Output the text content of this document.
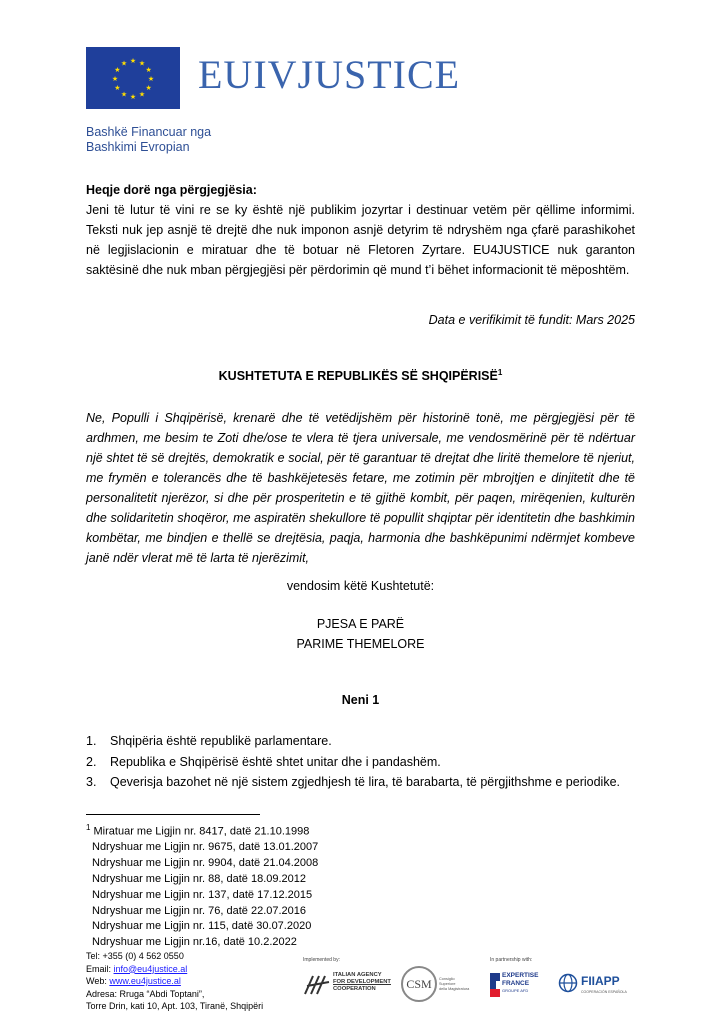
★ ★
★
★
★
★
★
★
★
★
★
★ EUIVJUSTICE
Bashkë Financuar nga
Bashkimi Evropian
Heqje dorë nga përgjegjësia:
Jeni të lutur të vini re se ky është një publikim jozyrtar i destinuar vetëm për qëllime informimi. Teksti nuk jep asnjë të drejtë dhe nuk imponon asnjë detyrim të ndryshëm nga çfarë parashikohet në legjislacionin e miratuar dhe të botuar në Fletoren Zyrtare. EU4JUSTICE nuk garanton saktësinë dhe nuk mban përgjegjësi për përdorimin që mund t’i bëhet informacionit të mëposhtëm.
Data e verifikimit të fundit: Mars 2025
KUSHTETUTA E REPUBLIKËS SË SHQIPËRISË$^1$
Ne, Populli i Shqipërisë, krenarë dhe të vetëdijshëm për historinë tonë, me përgjegjësi për të ardhmen, me besim te Zoti dhe/ose te vlera të tjera universale, me vendosmërinë për të ndërtuar një shtet të së drejtës, demokratik e social, për të garantuar të drejtat dhe liritë themelore të njeriut, me frymën e tolerancës dhe të bashkëjetesës fetare, me zotimin për mbrojtjen e dinjitetit dhe të personalitetit njerëzor, si dhe për prosperitetin e të gjithë kombit, për paqen, mirëqenien, kulturën dhe solidaritetin shoqëror, me aspiratën shekullore të popullit shqiptar për identitetin dhe bashkimin kombëtar, me bindjen e thellë se drejtësia, paqja, harmonia dhe bashkëpunimi ndërmjet kombeve janë ndër vlerat më të larta të njerëzimit,
vendosim këtë Kushtetutë:
PJESA E PARË
PARIME THEMELORE
Neni 1
1.	Shqipëria është republikë parlamentare.
2.	Republika e Shqipërisë është shtet unitar dhe i pandashëm.
3.	Qeverisja bazohet në një sistem zgjedhjesh të lira, të barabarta, të përgjithshme e periodike.
$^1$ Miratuar me Ligjin nr. 8417, datë 21.10.1998
Ndryshuar me Ligjin nr. 9675, datë 13.01.2007
Ndryshuar me Ligjin nr. 9904, datë 21.04.2008
Ndryshuar me Ligjin nr. 88, datë 18.09.2012
Ndryshuar me Ligjin nr. 137, datë 17.12.2015
Ndryshuar me Ligjin nr. 76, datë 22.07.2016
Ndryshuar me Ligjin nr. 115, datë 30.07.2020
Ndryshuar me Ligjin nr.16, datë 10.2.2022
Tel: +355 (0) 4 562 0550
Email: info@eu4justice.al
Web: www.eu4justice.al
Adresa: Rruga “Abdi Toptani”,
Torre Drin, kati 10, Apt. 103, Tiranë, Shqipëri
Implemented by:
ITALIAN AGENCY
FOR DEVELOPMENT
COOPERATION	CSM Consiglio
Superiore
della Magistratura
In partnership with:
EXPERTISE
FRANCE
GROUPE AFD
FIIAPP
COOPERACIÓN ESPAÑOLA
